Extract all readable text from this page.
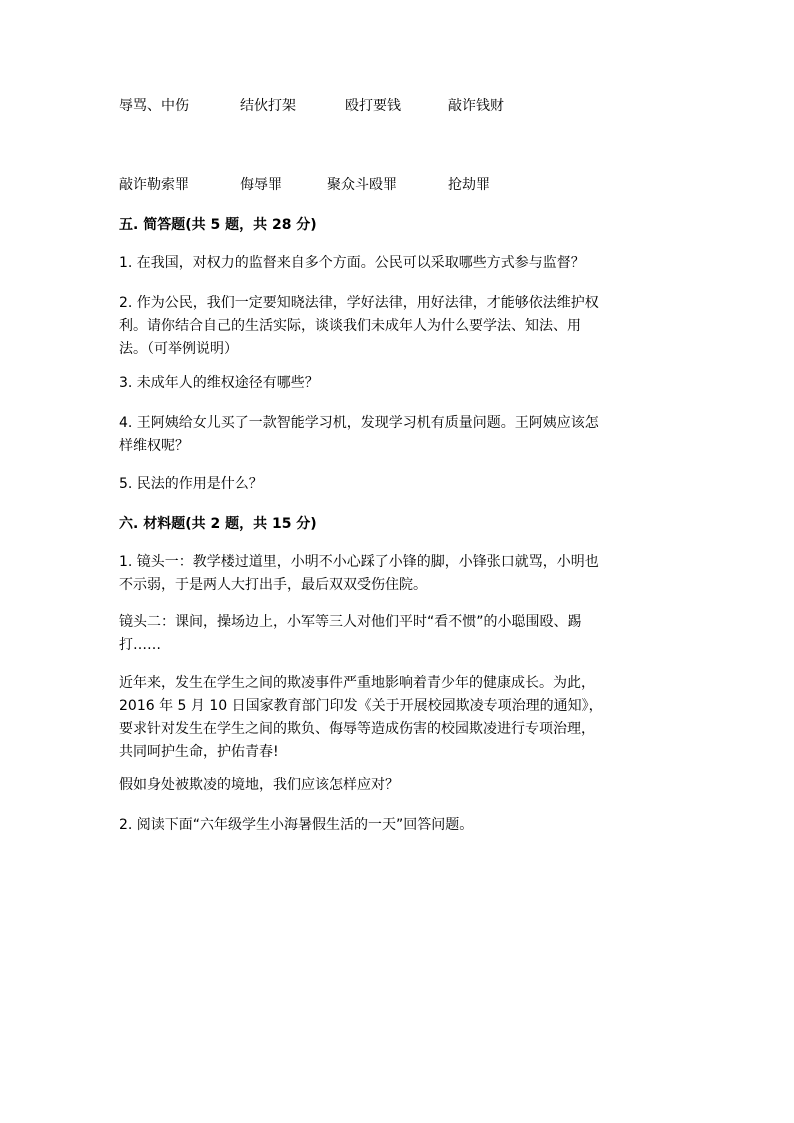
辱骂、中伤	结伙打架	殴打要钱	敲诈钱财
敲诈勒索罪	侮辱罪	聚众斗殴罪	抢劫罪
五. 简答题(共 5 题，共 28 分)
1. 在我国，对权力的监督来自多个方面。公民可以采取哪些方式参与监督？
2. 作为公民，我们一定要知晓法律，学好法律，用好法律，才能够依法维护权
利。请你结合自己的生活实际，谈谈我们未成年人为什么要学法、知法、用
法。（可举例说明）
3. 未成年人的维权途径有哪些？
4. 王阿姨给女儿买了一款智能学习机，发现学习机有质量问题。王阿姨应该怎
样维权呢？
5. 民法的作用是什么？
六. 材料题(共 2 题，共 15 分)
1. 镜头一：教学楼过道里，小明不小心踩了小锋的脚，小锋张口就骂，小明也
不示弱，于是两人大打出手，最后双双受伤住院。
镜头二：课间，操场边上，小军等三人对他们平时“看不惯”的小聪围殴、踢
打……
近年来，发生在学生之间的欺凌事件严重地影响着青少年的健康成长。为此，
2016 年 5 月 10 日国家教育部门印发《关于开展校园欺凌专项治理的通知》，
要求针对发生在学生之间的欺负、侮辱等造成伤害的校园欺凌进行专项治理，
共同呵护生命，护佑青春!
假如身处被欺凌的境地，我们应该怎样应对？
2. 阅读下面“六年级学生小海暑假生活的一天”回答问题。
